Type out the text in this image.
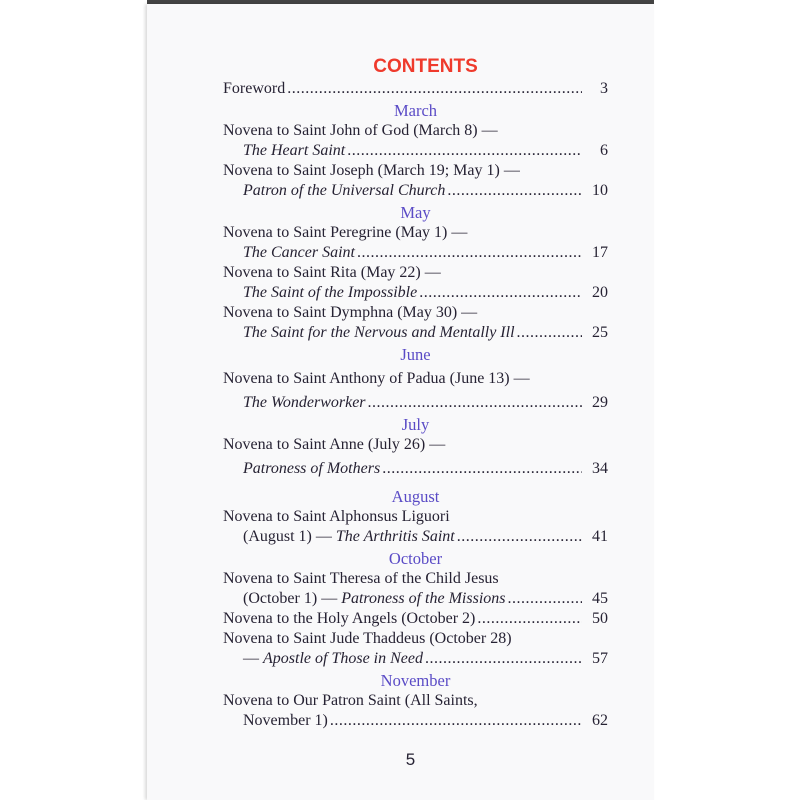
CONTENTS
Foreword .....	3
March
Novena to Saint John of God (March 8) —
The Heart Saint .....	6
Novena to Saint Joseph (March 19; May 1) —
Patron of the Universal Church .....	10
May
Novena to Saint Peregrine (May 1) —
The Cancer Saint .....	17
Novena to Saint Rita (May 22) —
The Saint of the Impossible .....	20
Novena to Saint Dymphna (May 30) —
The Saint for the Nervous and Mentally Ill .....	25
June
Novena to Saint Anthony of Padua (June 13) —
The Wonderworker .....	29
July
Novena to Saint Anne (July 26) —
Patroness of Mothers .....	34
August
Novena to Saint Alphonsus Liguori
(August 1) — The Arthritis Saint .....	41
October
Novena to Saint Theresa of the Child Jesus
(October 1) — Patroness of the Missions .....	45
Novena to the Holy Angels (October 2) .....	50
Novena to Saint Jude Thaddeus (October 28)
— Apostle of Those in Need .....	57
November
Novena to Our Patron Saint (All Saints,
November 1) .....	62
5
